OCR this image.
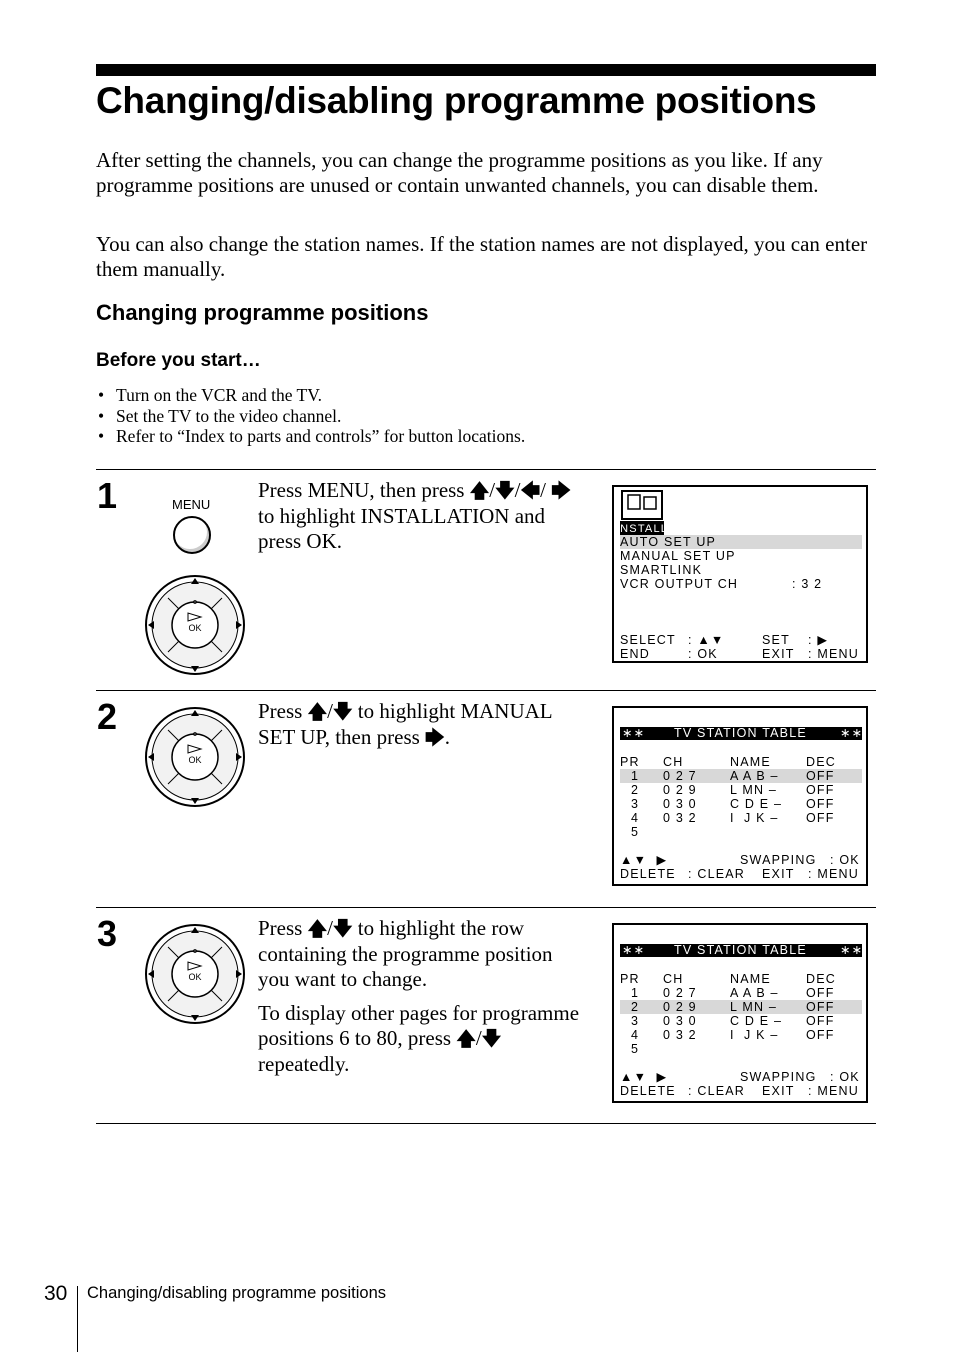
Changing/disabling programme positions
After setting the channels, you can change the programme positions as you like. If any programme positions are unused or contain unwanted channels, you can disable them.
You can also change the station names. If the station names are not displayed, you can enter them manually.
Changing programme positions
Before you start…
• Turn on the VCR and the TV.
• Set the TV to the video channel.
• Refer to “Index to parts and controls” for button locations.
1	MENU
OK

Press MENU, then press 🡅/🡇/🡄/ 🡆 to highlight INSTALLATION and press OK.	INSTALL
AUTO SET UP
MANUAL SET UP
SMARTLINK
VCR OUTPUT CH	: 3 2
SELECT : ▲▼	SET : ▶
END	: OK	EXIT : MENU
2
OK

Press 🡅/🡇 to highlight MANUAL SET UP, then press 🡆.	∗∗ TV STATION TABLE	∗∗
PR CH	NAME	DEC
1 0 2 7	A A B – OFF
2 0 2 9	L MN – OFF
3 0 3 0	C D E – OFF
4 0 3 2	I  J K – OFF
5
▲▼  ▶	SWAPPING : OK
DELETE : CLEAR EXIT : MENU
3
OK

Press 🡅/🡇 to highlight the row containing the programme position you want to change.

To display other pages for programme positions 6 to 80, press 🡅/🡇 repeatedly.

∗∗ TV STATION TABLE	∗∗
PR CH	NAME	DEC
1 0 2 7	A A B – OFF
2 0 2 9	L MN – OFF
3 0 3 0	C D E – OFF
4 0 3 2	I  J K – OFF
5
▲▼  ▶	SWAPPING : OK
DELETE : CLEAR EXIT : MENU
30 Changing/disabling programme positions
